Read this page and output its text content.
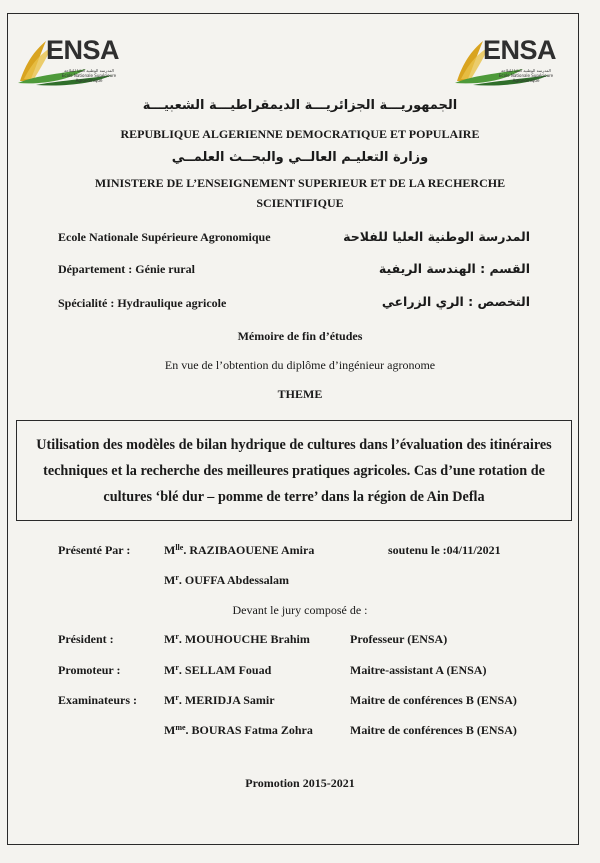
ENSA
المدرسة الوطنية العليا للفلاحة
Ecole Nationale Supérieure Agronomique
ENSA
المدرسة الوطنية العليا للفلاحة
Ecole Nationale Supérieure Agronomique
الجمهوريـــة الجزائريـــة الديمقراطيـــة الشعبيـــة
REPUBLIQUE ALGERIENNE DEMOCRATIQUE ET POPULAIRE
وزارة التعليـم العالــي والبحــث العلمــي
MINISTERE DE L’ENSEIGNEMENT SUPERIEUR ET DE LA RECHERCHE
SCIENTIFIQUE
Ecole Nationale Supérieure Agronomique	المدرسة الوطنية العليا للفلاحة
Département : Génie rural	القسم : الهندسة الريفية
Spécialité : Hydraulique agricole	التخصص : الري الزراعي
Mémoire de fin d’études
En vue de l’obtention du diplôme d’ingénieur agronome
THEME
Utilisation des modèles de bilan hydrique de cultures dans l’évaluation des itinéraires techniques et la recherche des meilleures pratiques agricoles. Cas d’une rotation de cultures ‘blé dur – pomme de terre’ dans la région de Ain Defla
Présenté Par :	$M^{lle}$. RAZIBAOUENE Amira	soutenu le :04/11/2021
$M^r$. OUFFA Abdessalam
Devant le jury composé de :
Président :	$M^r$. MOUHOUCHE Brahim	Professeur (ENSA)
Promoteur :	$M^r$. SELLAM Fouad	Maitre-assistant A (ENSA)
Examinateurs : $M^r$. MERIDJA Samir	Maitre de conférences B (ENSA)
$M^{me}$. BOURAS Fatma Zohra	Maitre de conférences B (ENSA)
Promotion 2015-2021
